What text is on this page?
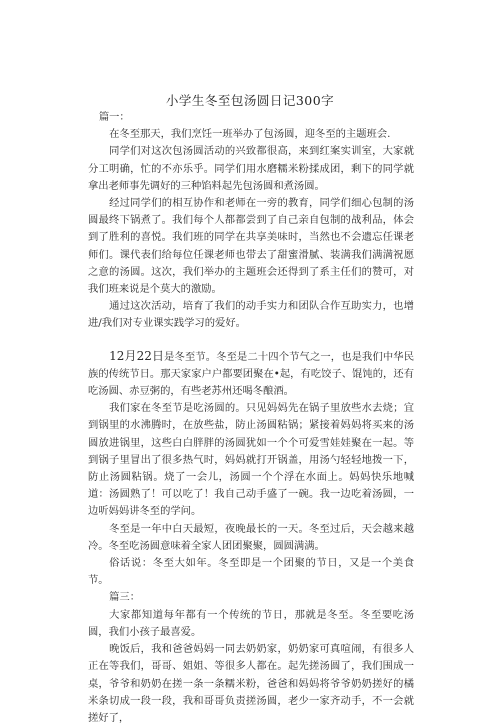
小学生冬至包汤圆日记300字

篇一：

在冬至那天，我们烹饪一班举办了包汤圆，迎冬至的主题班会.

同学们对这次包汤圆活动的兴致都很高，来到红案实训室，大家就分工明确，忙的不亦乐乎。同学们用水磨糯米粉揉成团，剩下的同学就拿出老师事先调好的三种馅料起先包汤圆和煮汤圆。

经过同学们的相互协作和老师在一旁的教育，同学们细心包制的汤圆最终下锅煮了。我们每个人都都尝到了自己亲自包制的战利品，体会到了胜利的喜悦。我们班的同学在共享美味时，当然也不会遗忘任课老师们。课代表们给每位任课老师也带去了甜蜜滑腻、装满我们满满祝愿之意的汤圆。这次，我们举办的主题班会还得到了系主任们的赞可，对我们班来说是个莫大的激励。

通过这次活动，培育了我们的动手实力和团队合作互助实力，也增进/我们对专业课实践学习的爱好。

12月22日是冬至节。冬至是二十四个节气之一，也是我们中华民族的传统节日。那天家家户户都要团聚在•起，有吃饺子、馄饨的，还有吃汤圆、赤豆粥的，有些老苏州还喝冬酿酒。

我们家在冬至节是吃汤圆的。只见妈妈先在锅子里放些水去烧；宜到锅里的水沸腾时，在放些盐，防止汤圆粘锅；紧接着妈妈将买来的汤圆放进锅里，这些白白胖胖的汤圆犹如一个个可爱雪娃娃聚在一起。等到锅子里冒出了很多热气时，妈妈就打开锅盖，用汤勺轻轻地拨一下，防止汤圆粘锅。烧了一会儿，汤圆一个个浮在水面上。妈妈快乐地喊道：汤圆熟了！可以吃了！我自己动手盛了一碗。我一边吃着汤圆，一边听妈妈讲冬至的学问。

冬至是一年中白天最短，夜晚最长的一天。冬至过后，天会越来越冷。冬至吃汤圆意味着全家人团团聚聚，圆圆满满。

俗话说：冬至大如年。冬至即是一个团聚的节日，又是一个美食节。

篇三：

大家都知道每年都有一个传统的节日，那就是冬至。冬至要吃汤圆，我们小孩子最喜爱。

晚饭后，我和爸爸妈妈一同去奶奶家，奶奶家可真喧闹，有很多人正在等我们，哥哥、姐姐、等很多人都在。起先搓汤圆了，我们围成一桌，爷爷和奶奶在搓一条一条糯米粉，爸爸和妈妈将爷爷奶奶搓好的橘米条切成一段一段，我和哥哥负责搓汤圆，老少一家齐动手，不一会就搓好了，
